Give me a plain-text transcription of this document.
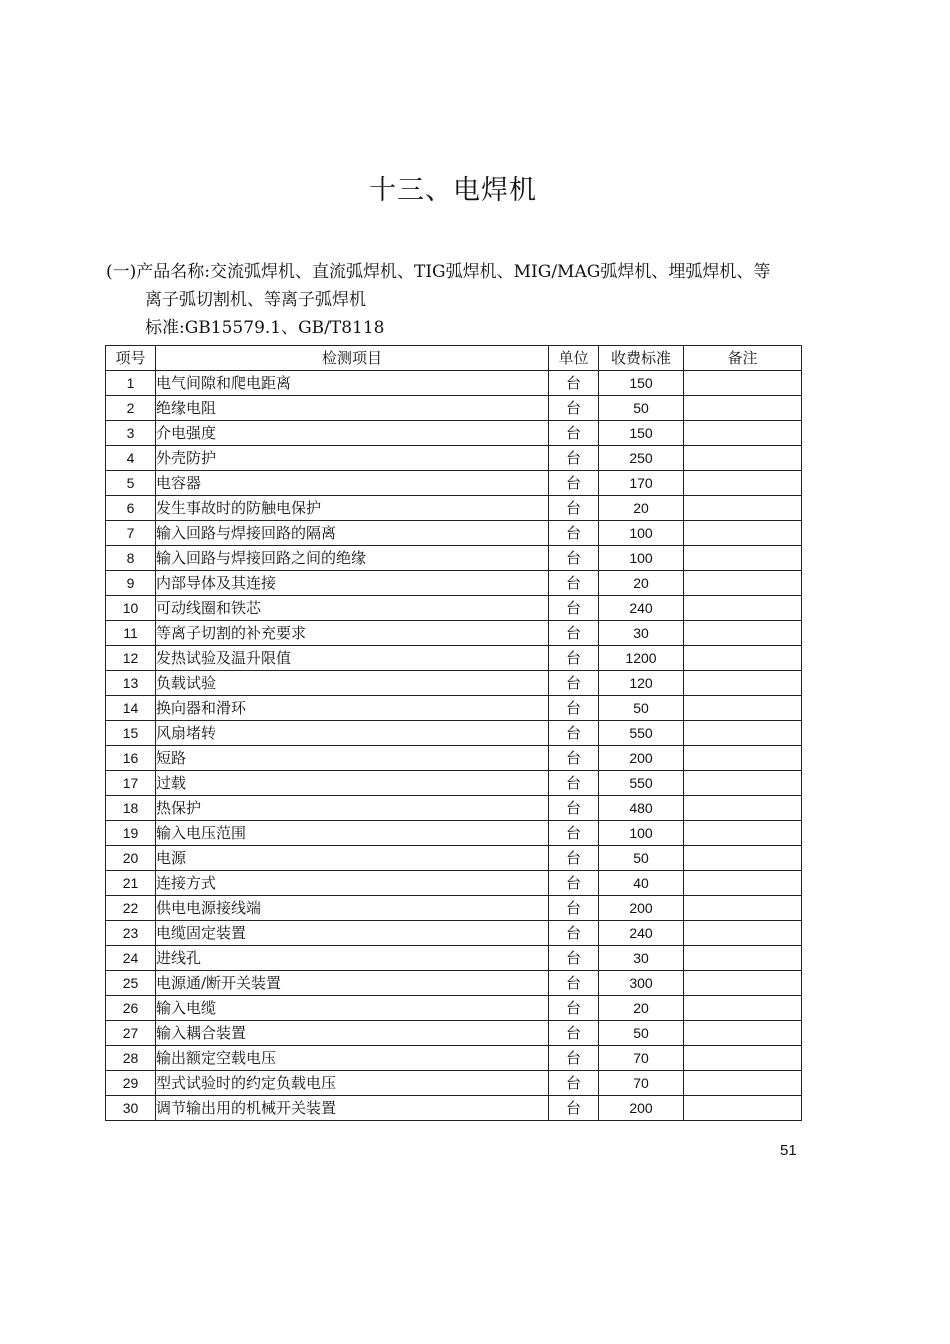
十三、电焊机
(一)产品名称:交流弧焊机、直流弧焊机、TIG弧焊机、MIG/MAG弧焊机、埋弧焊机、等
离子弧切割机、等离子弧焊机
标准:GB15579.1、GB/T8118
项号	检测项目	单位	收费标准	备注
1	电气间隙和爬电距离	台	150	
2	绝缘电阻	台	50	
3	介电强度	台	150	
4	外壳防护	台	250	
5	电容器	台	170	
6	发生事故时的防触电保护	台	20	
7	输入回路与焊接回路的隔离	台	100	
8	输入回路与焊接回路之间的绝缘	台	100	
9	内部导体及其连接	台	20	
10	可动线圈和铁芯	台	240	
11	等离子切割的补充要求	台	30	
12	发热试验及温升限值	台	1200	
13	负载试验	台	120	
14	换向器和滑环	台	50	
15	风扇堵转	台	550	
16	短路	台	200	
17	过载	台	550	
18	热保护	台	480	
19	输入电压范围	台	100	
20	电源	台	50	
21	连接方式	台	40	
22	供电电源接线端	台	200	
23	电缆固定装置	台	240	
24	进线孔	台	30	
25	电源通/断开关装置	台	300	
26	输入电缆	台	20	
27	输入耦合装置	台	50	
28	输出额定空载电压	台	70	
29	型式试验时的约定负载电压	台	70	
30	调节输出用的机械开关装置	台	200	
51
